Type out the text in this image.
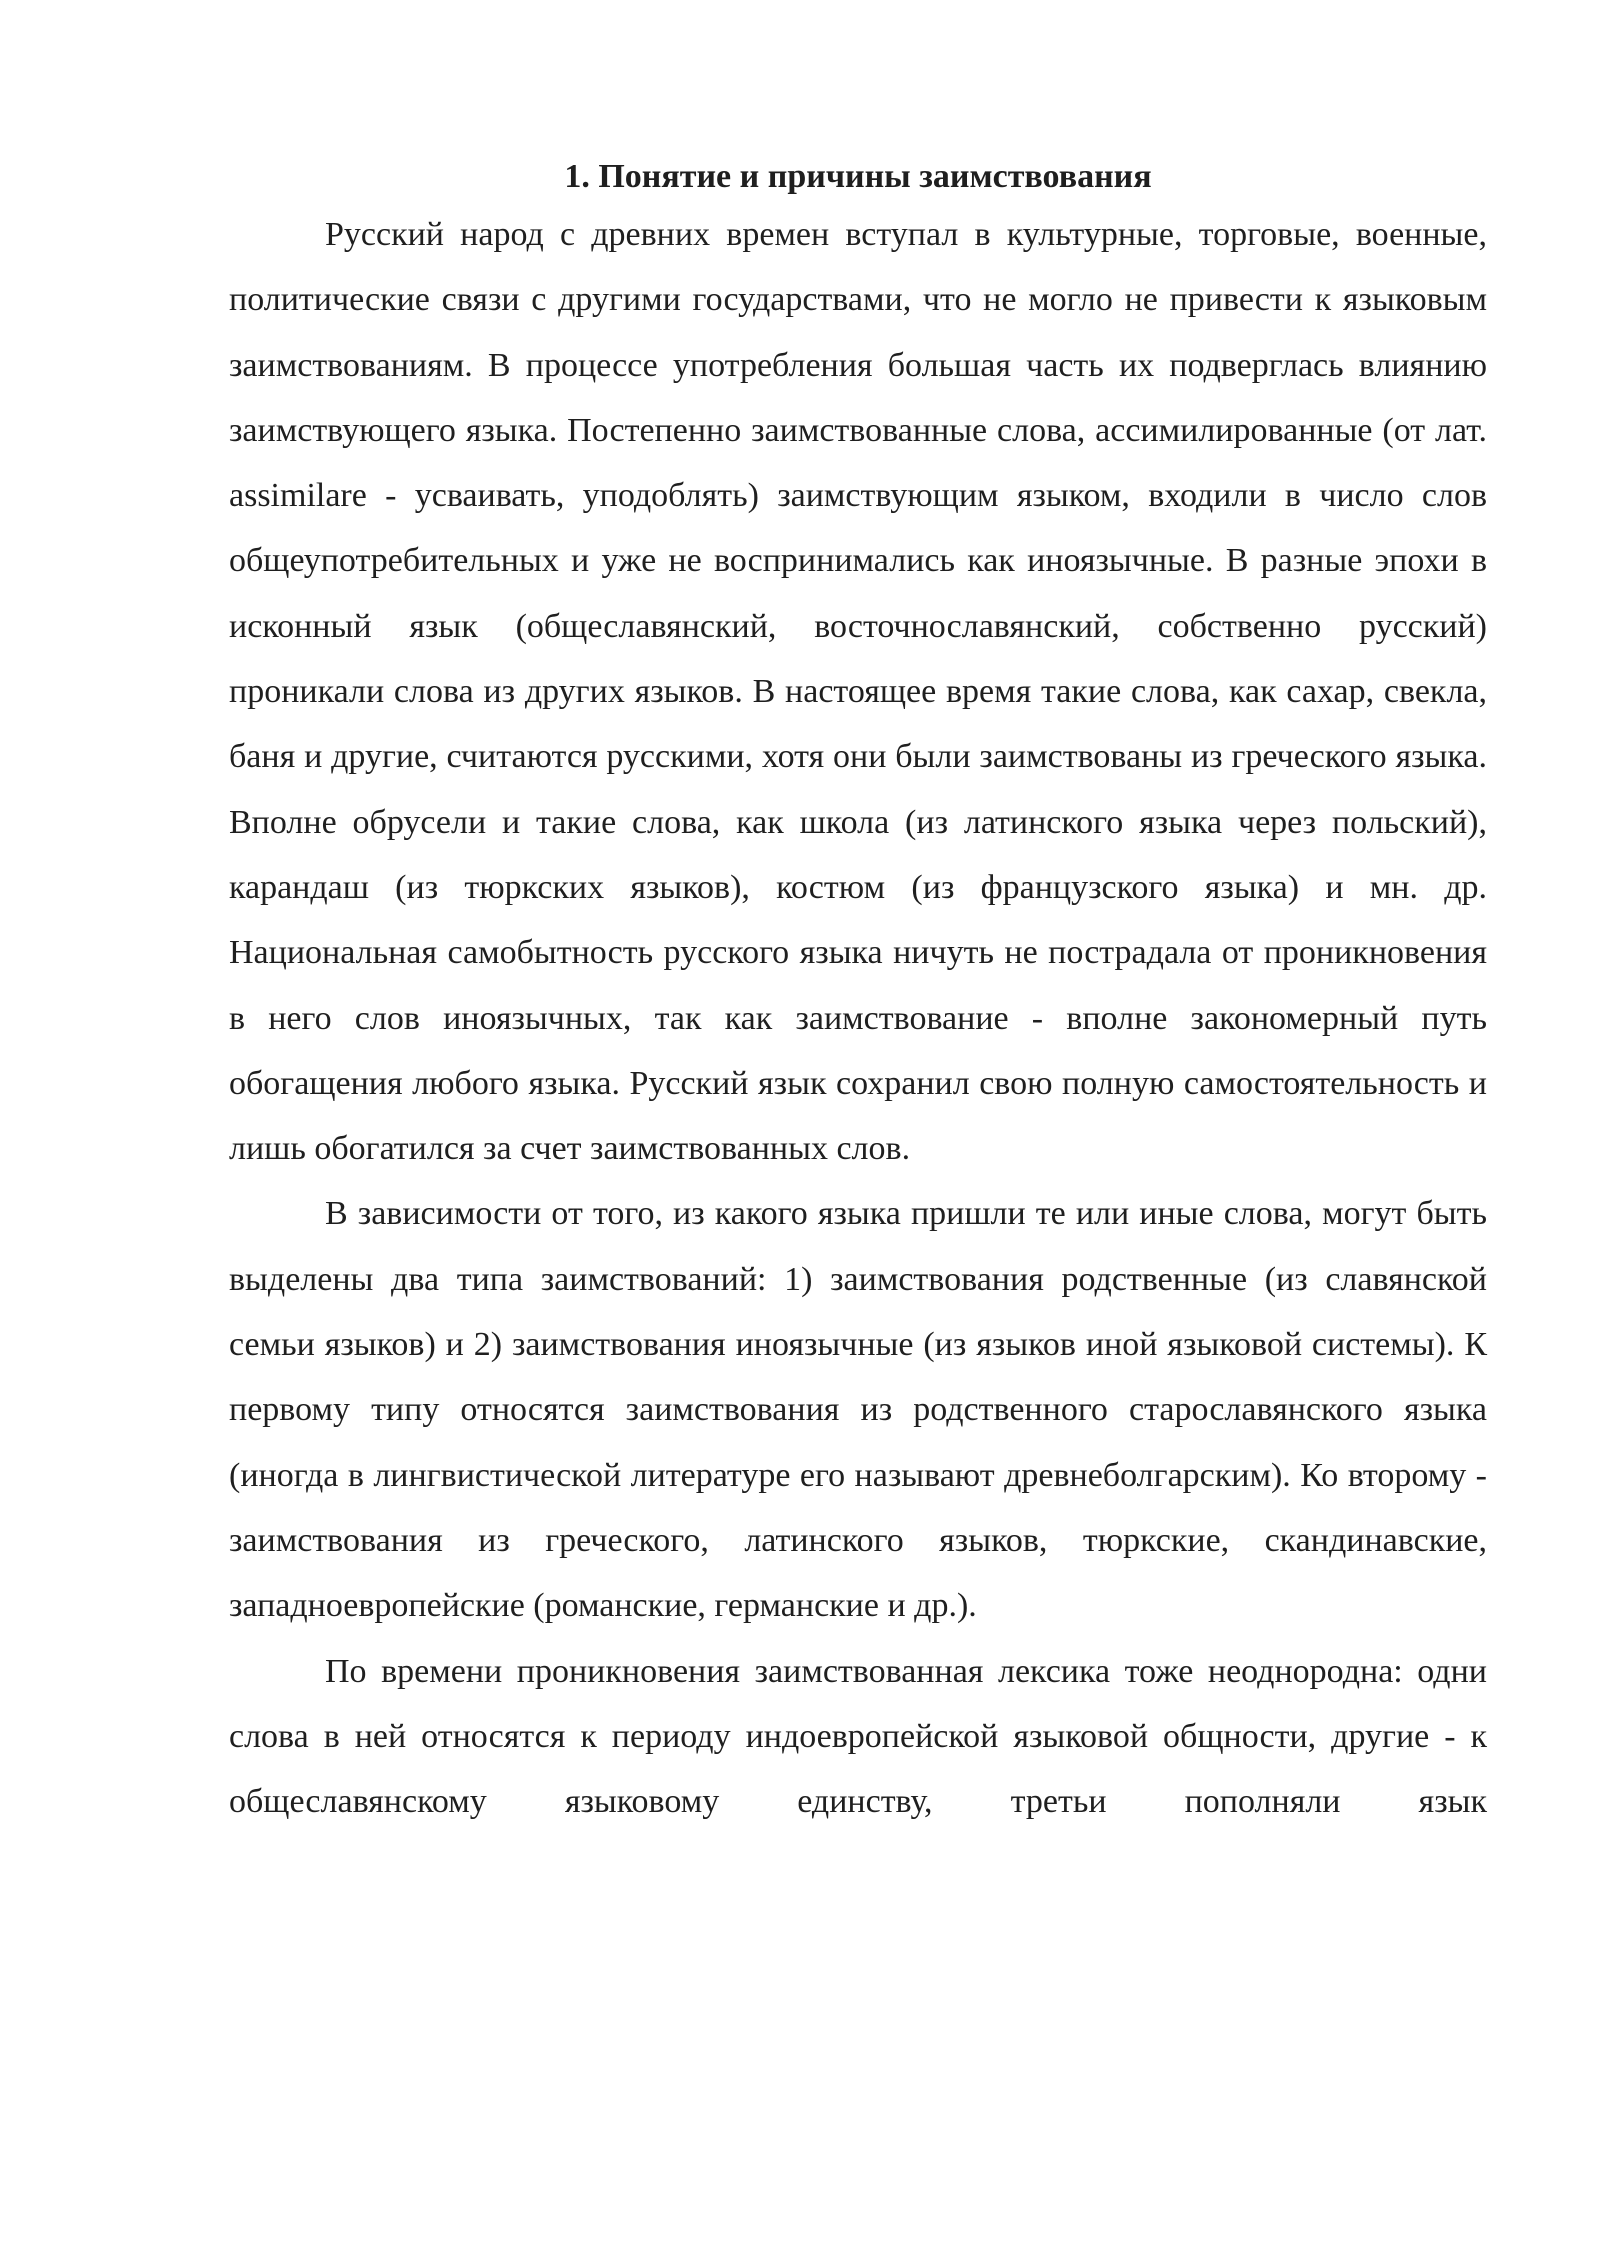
1. Понятие и причины заимствования

Русский народ с древних времен вступал в культурные, торговые, военные, политические связи с другими государствами, что не могло не привести к языковым заимствованиям. В процессе употребления большая часть их подверглась влиянию заимствующего языка. Постепенно заимствованные слова, ассимилированные (от лат. assimilare - усваивать, уподоблять) заимствующим языком, входили в число слов общеупотребительных и уже не воспринимались как иноязычные. В разные эпохи в исконный язык (общеславянский, восточнославянский, собственно русский) проникали слова из других языков. В настоящее время такие слова, как сахар, свекла, баня и другие, считаются русскими, хотя они были заимствованы из греческого языка. Вполне обрусели и такие слова, как школа (из латинского языка через польский), карандаш (из тюркских языков), костюм (из французского языка) и мн. др. Национальная самобытность русского языка ничуть не пострадала от проникновения в него слов иноязычных, так как заимствование - вполне закономерный путь обогащения любого языка. Русский язык сохранил свою полную самостоятельность и лишь обогатился за счет заимствованных слов.

В зависимости от того, из какого языка пришли те или иные слова, могут быть выделены два типа заимствований: 1) заимствования родственные (из славянской семьи языков) и 2) заимствования иноязычные (из языков иной языковой системы). К первому типу относятся заимствования из родственного старославянского языка (иногда в лингвистической литературе его называют древнеболгарским). Ко второму - заимствования из греческого, латинского языков, тюркские, скандинавские, западноевропейские (романские, германские и др.).

По времени проникновения заимствованная лексика тоже неоднородна: одни слова в ней относятся к периоду индоевропейской языковой общности, другие - к общеславянскому языковому единству, третьи пополняли язык
